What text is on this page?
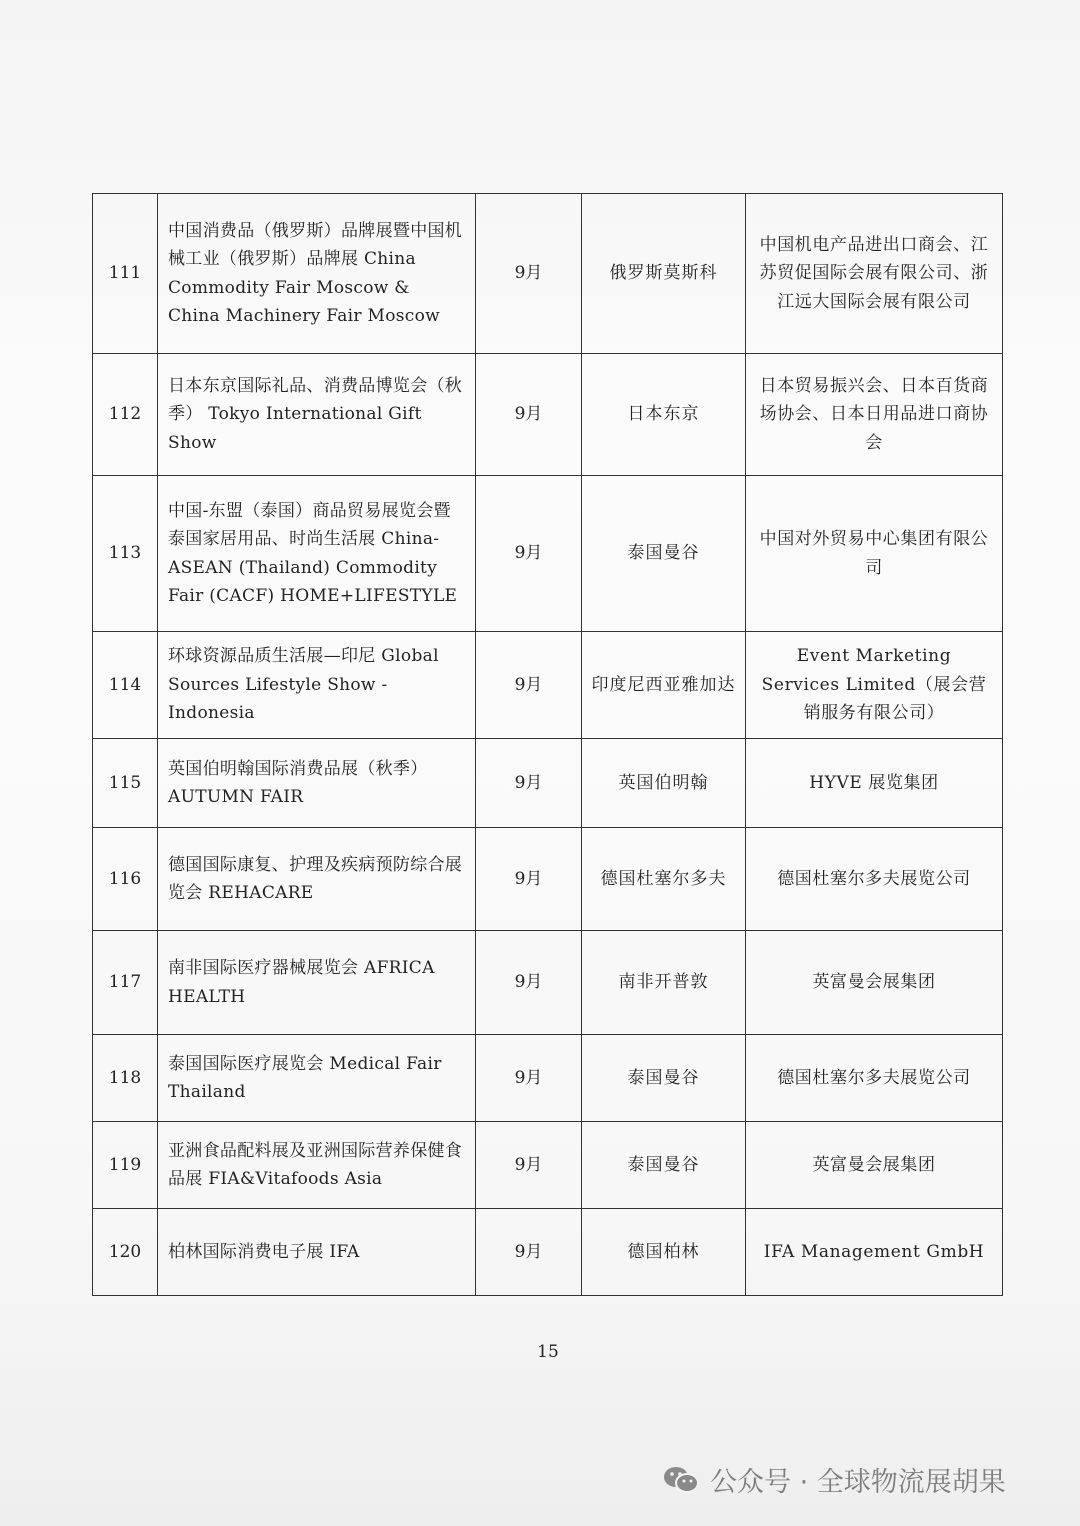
111	中国消费品（俄罗斯）品牌展暨中国机械工业（俄罗斯）品牌展 China Commodity Fair Moscow & China Machinery Fair Moscow	9月	俄罗斯莫斯科	中国机电产品进出口商会、江苏贸促国际会展有限公司、浙江远大国际会展有限公司
112	日本东京国际礼品、消费品博览会（秋季） Tokyo International Gift Show	9月	日本东京	日本贸易振兴会、日本百货商场协会、日本日用品进口商协会
113	中国-东盟（泰国）商品贸易展览会暨泰国家居用品、时尚生活展 China-ASEAN (Thailand) Commodity Fair (CACF) HOME+LIFESTYLE	9月	泰国曼谷	中国对外贸易中心集团有限公司
114	环球资源品质生活展—印尼 Global Sources Lifestyle Show - Indonesia	9月	印度尼西亚雅加达	Event Marketing Services Limited（展会营销服务有限公司）
115	英国伯明翰国际消费品展（秋季） AUTUMN FAIR	9月	英国伯明翰	HYVE 展览集团
116	德国国际康复、护理及疾病预防综合展览会 REHACARE	9月	德国杜塞尔多夫	德国杜塞尔多夫展览公司
117	南非国际医疗器械展览会 AFRICA HEALTH	9月	南非开普敦	英富曼会展集团
118	泰国国际医疗展览会 Medical Fair Thailand	9月	泰国曼谷	德国杜塞尔多夫展览公司
119	亚洲食品配料展及亚洲国际营养保健食品展 FIA&Vitafoods Asia	9月	泰国曼谷	英富曼会展集团
120	柏林国际消费电子展 IFA	9月	德国柏林	IFA Management GmbH
15
公众号 · 全球物流展胡果
